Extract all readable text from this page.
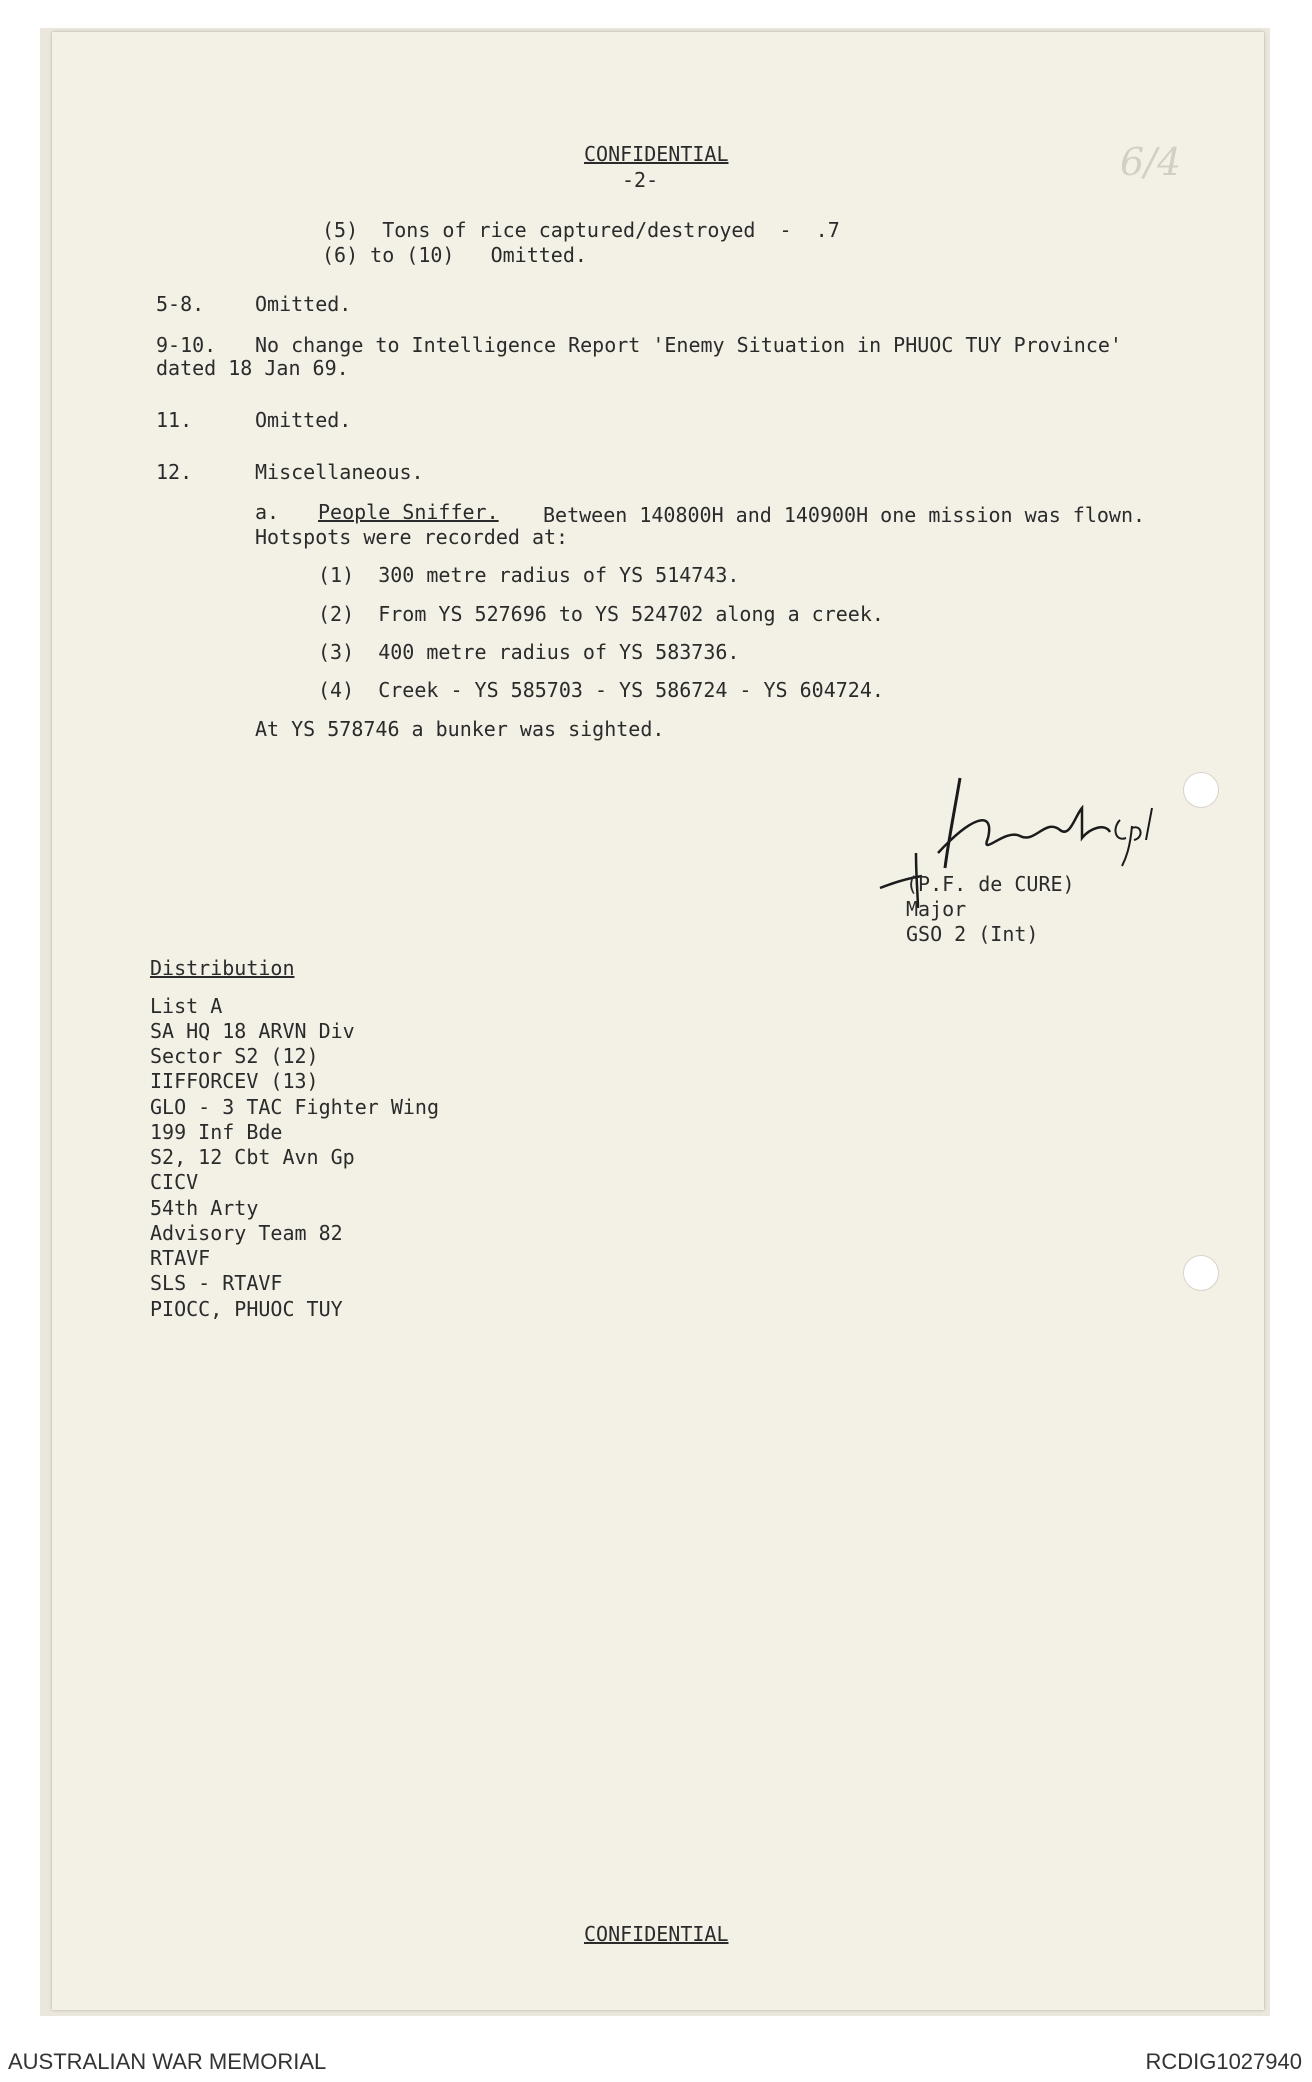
6/4
CONFIDENTIAL
-2-
(5)  Tons of rice captured/destroyed  -  .7
(6) to (10)   Omitted.
5-8.	Omitted.
9-10. No change to Intelligence Report 'Enemy Situation in PHUOC TUY Province'
dated 18 Jan 69.
11.	Omitted.
12.	Miscellaneous.
a. People Sniffer. Between 140800H and 140900H one mission was flown.
Hotspots were recorded at:
(1)  300 metre radius of YS 514743.
(2)  From YS 527696 to YS 524702 along a creek.
(3)  400 metre radius of YS 583736.
(4)  Creek - YS 585703 - YS 586724 - YS 604724.
At YS 578746 a bunker was sighted.
(P.F. de CURE)
Major
GSO 2 (Int)
Distribution
List A
SA HQ 18 ARVN Div
Sector S2 (12)
IIFFORCEV (13)
GLO - 3 TAC Fighter Wing
199 Inf Bde
S2, 12 Cbt Avn Gp
CICV
54th Arty
Advisory Team 82
RTAVF
SLS - RTAVF
PIOCC, PHUOC TUY
CONFIDENTIAL
AUSTRALIAN WAR MEMORIAL	RCDIG1027940
